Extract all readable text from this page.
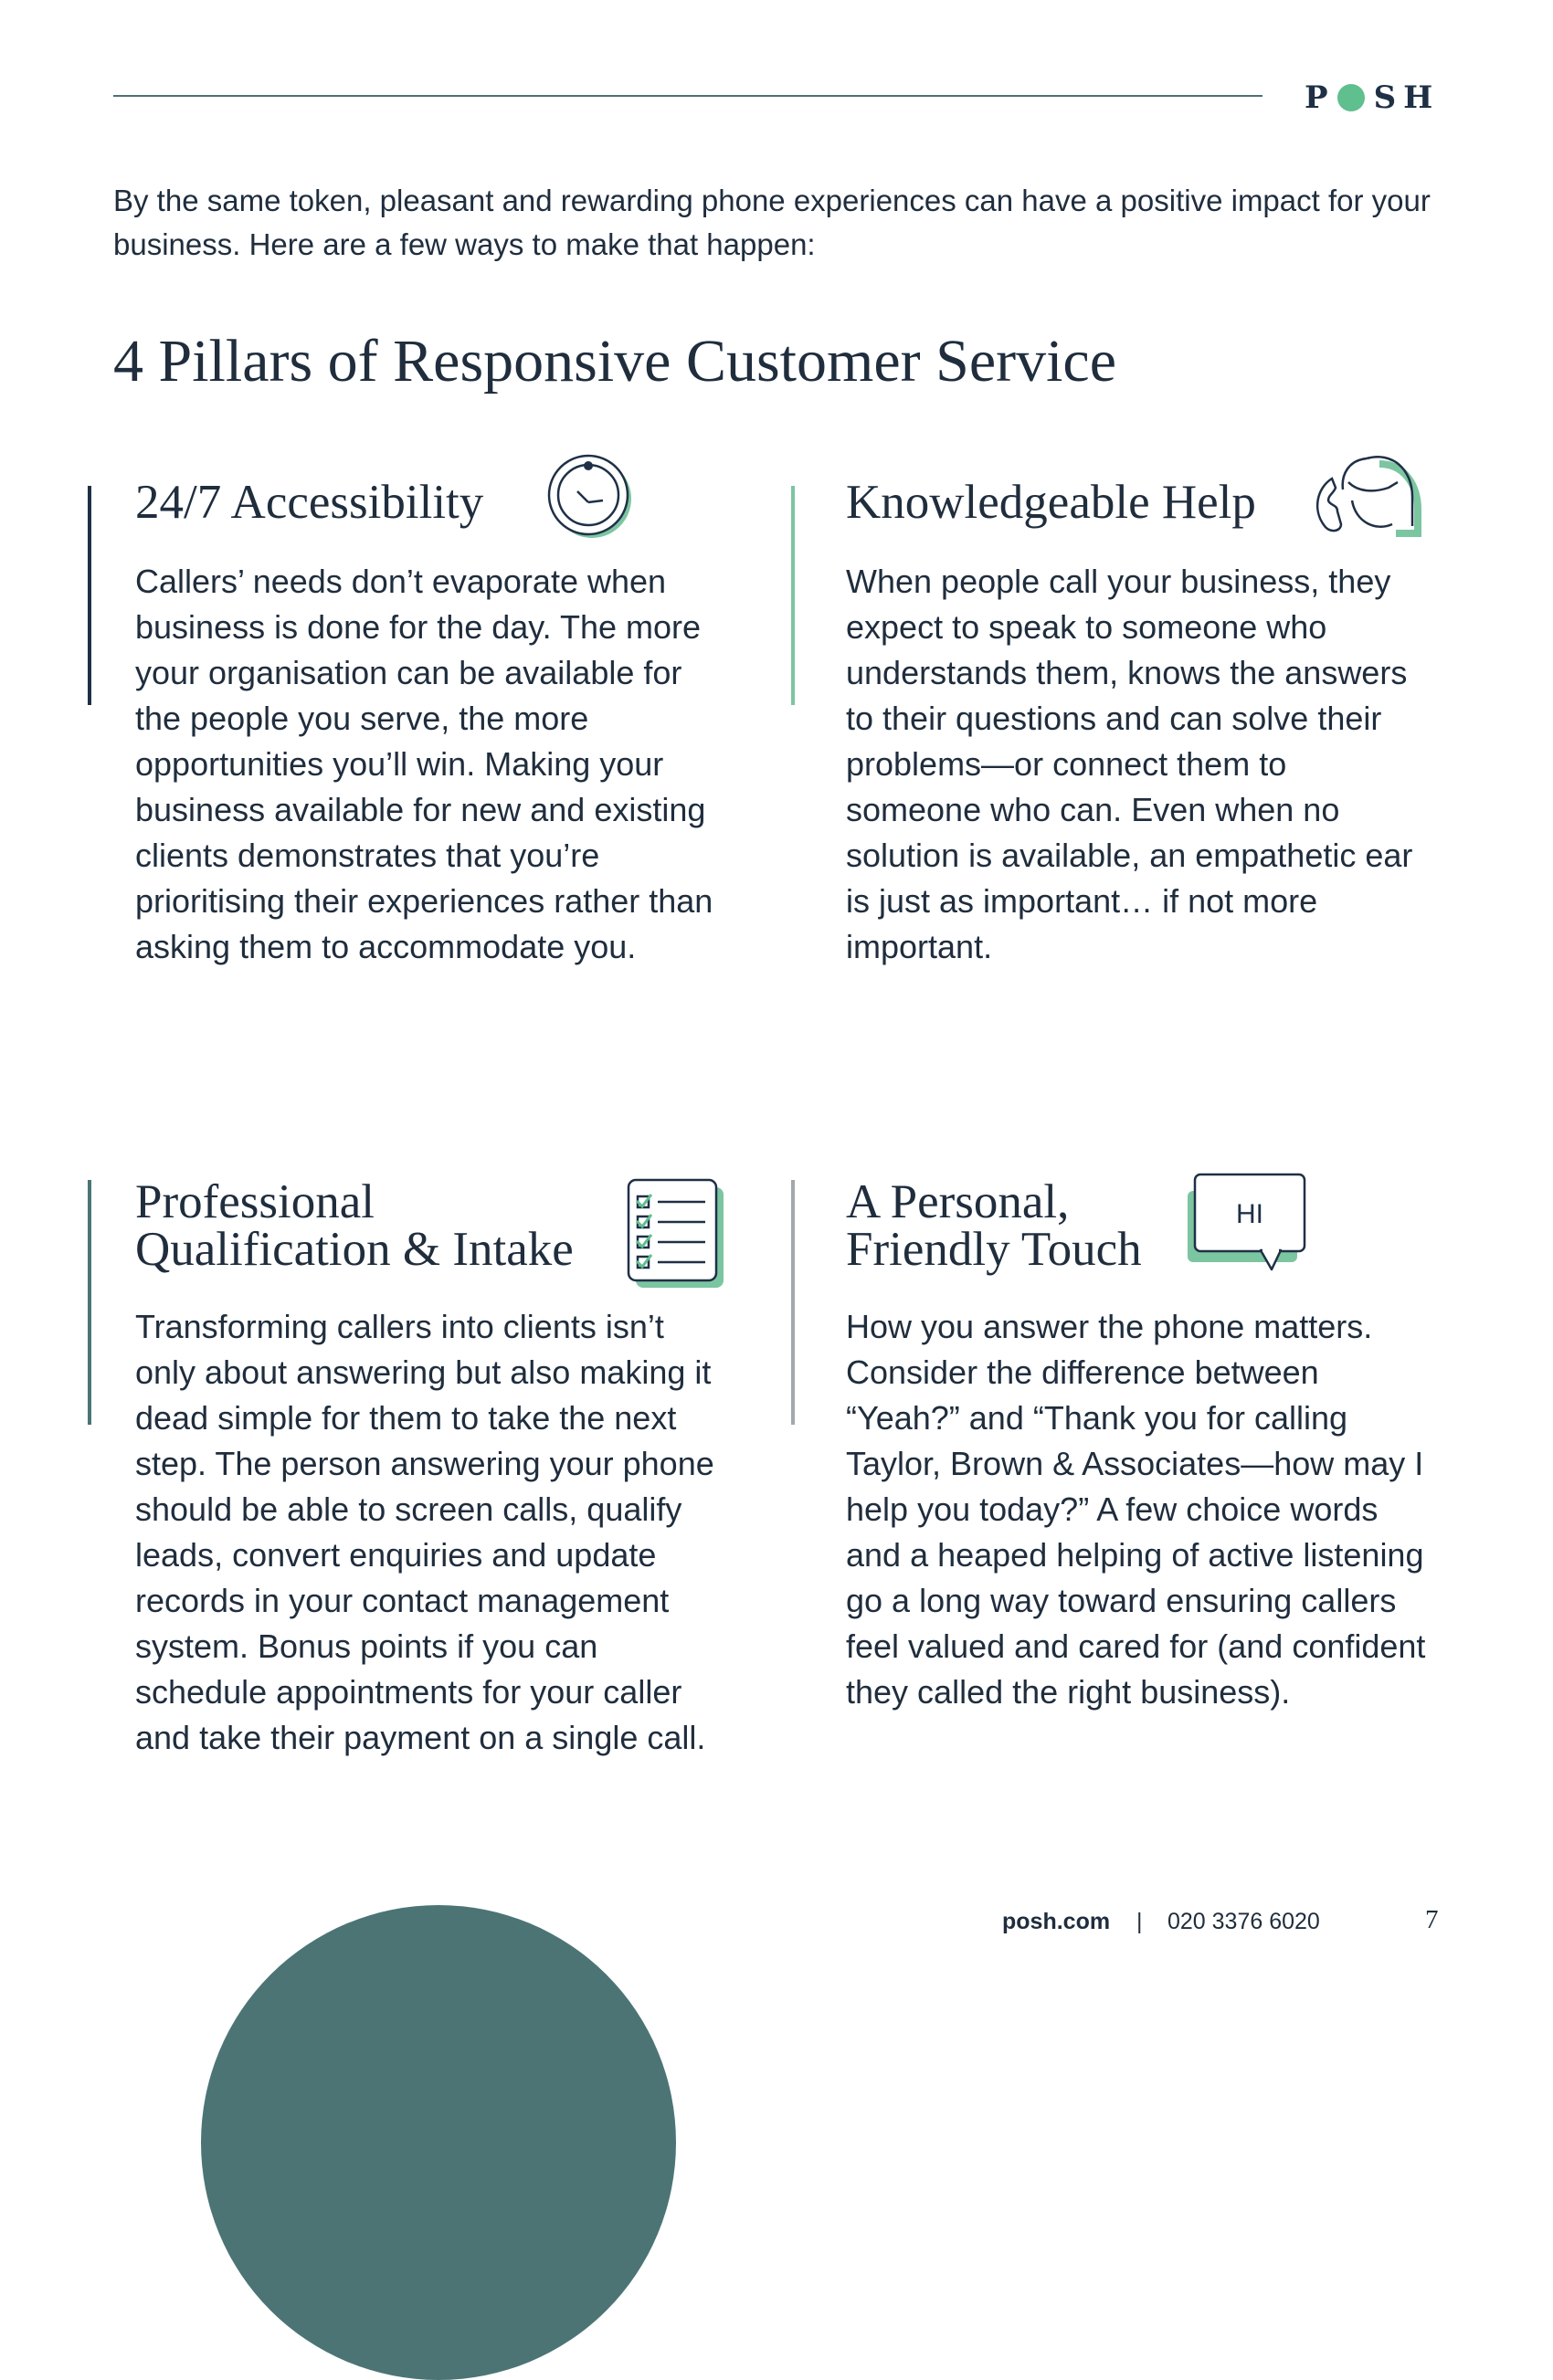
P SH
By the same token, pleasant and rewarding phone experiences can have a positive impact for your business. Here are a few ways to make that happen:
4 Pillars of Responsive Customer Service
24/7 Accessibility

Callers’ needs don’t evaporate when business is done for the day. The more your organisation can be available for the people you serve, the more opportunities you’ll win. Making your business available for new and existing clients demonstrates that you’re prioritising their experiences rather than asking them to accommodate you.

Knowledgeable Help

When people call your business, they expect to speak to someone who understands them, knows the answers to their questions and can solve their problems—or connect them to someone who can. Even when no solution is available, an empathetic ear is just as important… if not more important.

Professional
Qualification & Intake

Transforming callers into clients isn’t only about answering but also making it dead simple for them to take the next step. The person answering your phone should be able to screen calls, qualify leads, convert enquiries and update records in your contact management system. Bonus points if you can schedule appointments for your caller and take their payment on a single call.

A Personal,
Friendly Touch

How you answer the phone matters. Consider the difference between “Yeah?” and “Thank you for calling Taylor, Brown & Associates—how may I help you today?” A few choice words and a heaped helping of active listening go a long way toward ensuring callers feel valued and cared for (and confident they called the right business).

HI
posh.com | 020 3376 6020	7
